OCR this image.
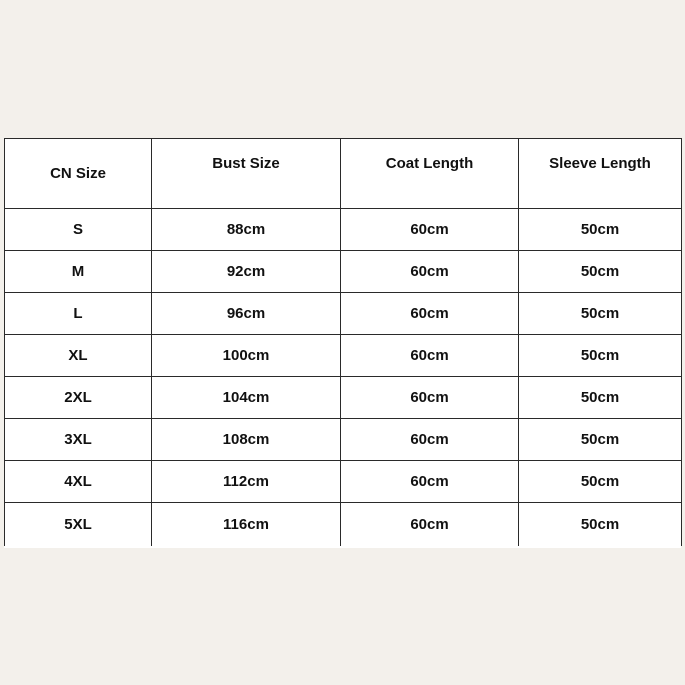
CN Size	Bust Size	Coat Length	Sleeve Length
S	88cm	60cm	50cm
M	92cm	60cm	50cm
L	96cm	60cm	50cm
XL	100cm	60cm	50cm
2XL	104cm	60cm	50cm
3XL	108cm	60cm	50cm
4XL	112cm	60cm	50cm
5XL	116cm	60cm	50cm
